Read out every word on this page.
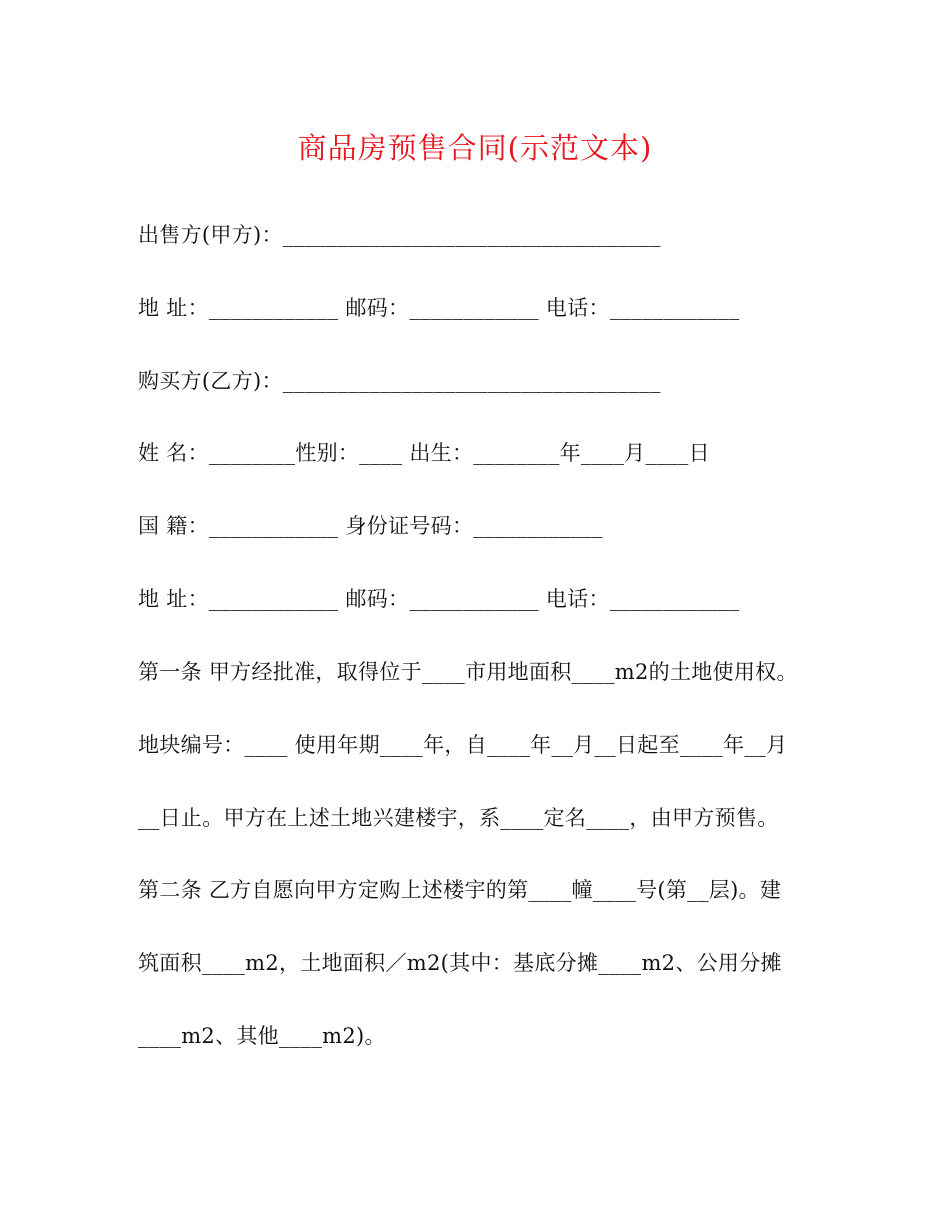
商品房预售合同(示范文本)
出售方(甲方)：___________________________________
地 址：____________ 邮码：____________ 电话：____________
购买方(乙方)：___________________________________
姓 名：________性别：____ 出生：________年____月____日
国 籍：____________ 身份证号码：____________
地 址：____________ 邮码：____________ 电话：____________
第一条 甲方经批准，取得位于____市用地面积____m2的土地使用权。
地块编号：____ 使用年期____年，自____年__月__日起至____年__月
__日止。甲方在上述土地兴建楼宇，系____定名____，由甲方预售。
第二条 乙方自愿向甲方定购上述楼宇的第____幢____号(第__层)。建
筑面积____m2，土地面积／m2(其中：基底分摊____m2、公用分摊
____m2、其他____m2)。
